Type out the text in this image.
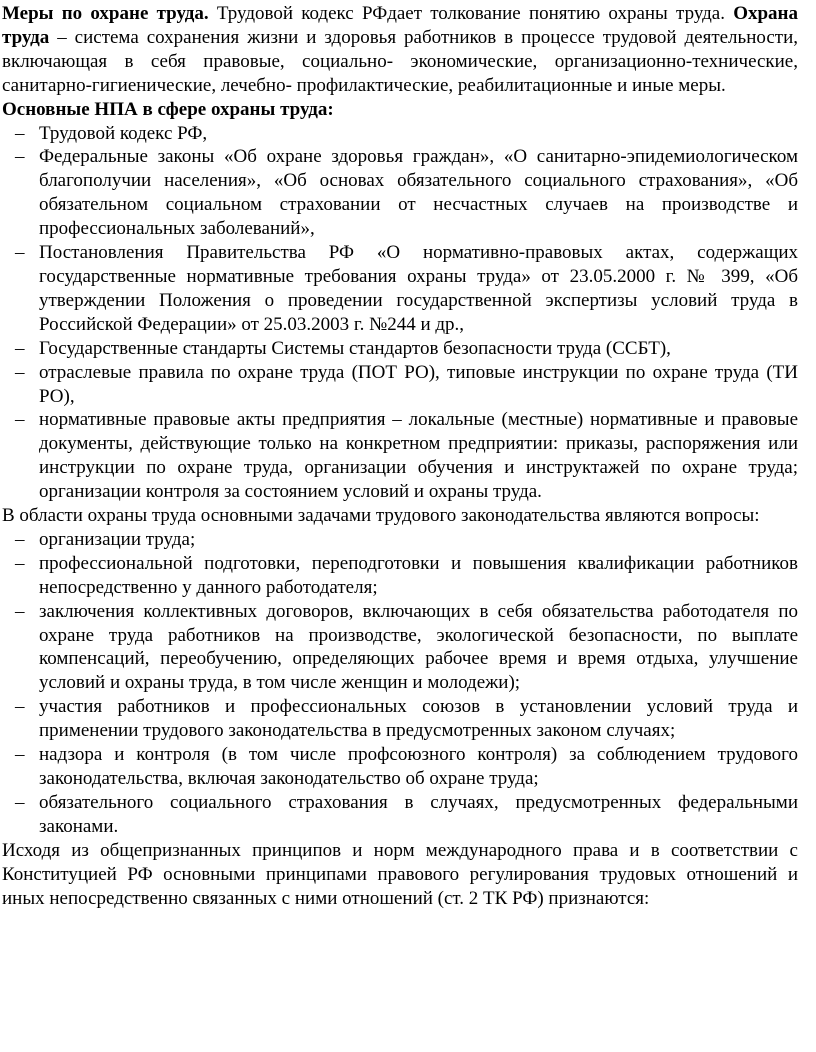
Меры по охране труда. Трудовой кодекс РФдает толкование понятию охраны труда. Охрана труда – система сохранения жизни и здоровья работников в процессе трудовой деятельности, включающая в себя правовые, социально- экономические, организационно-технические, санитарно-гигиенические, лечебно- профилактические, реабилитационные и иные меры.

Основные НПА в сфере охраны труда:

– Трудовой кодекс РФ,
– Федеральные законы «Об охране здоровья граждан», «О санитарно-эпидемиологическом благополучии населения», «Об основах обязательного социального страхования», «Об обязательном социальном страховании от несчастных случаев на производстве и профессиональных заболеваний»,
– Постановления Правительства РФ «О нормативно-правовых актах, содержащих государственные нормативные требования охраны труда» от 23.05.2000 г. № 399, «Об утверждении Положения о проведении государственной экспертизы условий труда в Российской Федерации» от 25.03.2003 г. №244 и др.,
– Государственные стандарты Системы стандартов безопасности труда (ССБТ),
– отраслевые правила по охране труда (ПОТ РО), типовые инструкции по охране труда (ТИ РО),
– нормативные правовые акты предприятия – локальные (местные) нормативные и правовые документы, действующие только на конкретном предприятии: приказы, распоряжения или инструкции по охране труда, организации обучения и инструктажей по охране труда; организации контроля за состоянием условий и охраны труда.

В области охраны труда основными задачами трудового законодательства являются вопросы:

– организации труда;
– профессиональной подготовки, переподготовки и повышения квалификации работников непосредственно у данного работодателя;
– заключения коллективных договоров, включающих в себя обязательства работодателя по охране труда работников на производстве, экологической безопасности, по выплате компенсаций, переобучению, определяющих рабочее время и время отдыха, улучшение условий и охраны труда, в том числе женщин и молодежи);
– участия работников и профессиональных союзов в установлении условий труда и применении трудового законодательства в предусмотренных законом случаях;
– надзора и контроля (в том числе профсоюзного контроля) за соблюдением трудового законодательства, включая законодательство об охране труда;
– обязательного социального страхования в случаях, предусмотренных федеральными законами.

Исходя из общепризнанных принципов и норм международного права и в соответствии с Конституцией РФ основными принципами правового регулирования трудовых отношений и иных непосредственно связанных с ними отношений (ст. 2 ТК РФ) признаются:
